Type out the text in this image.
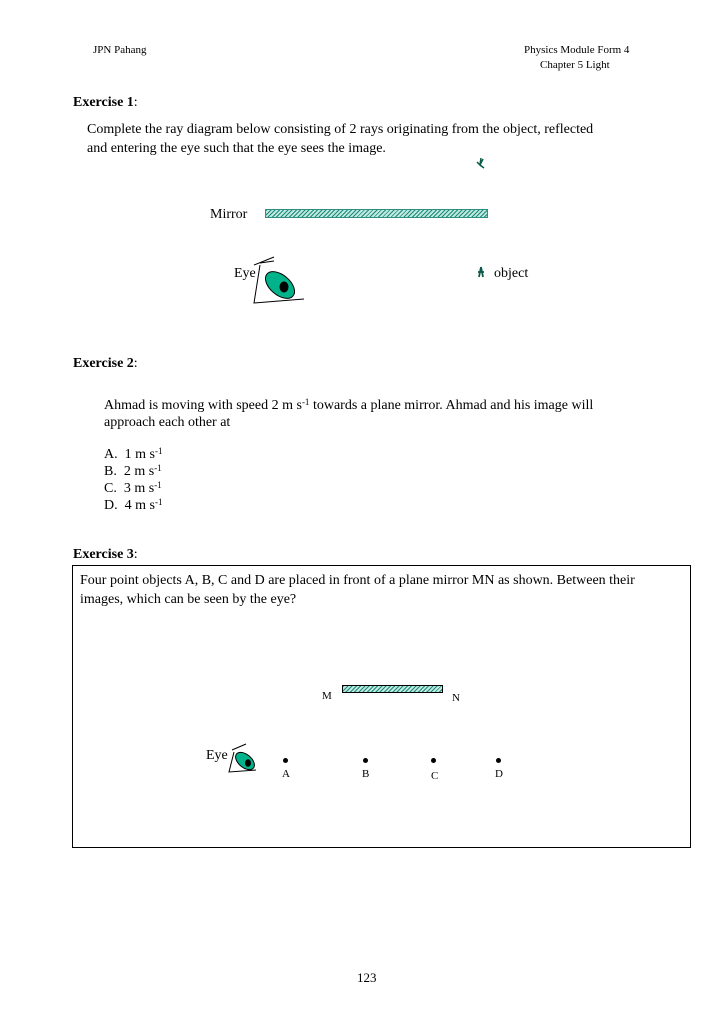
JPN Pahang	Physics Module Form 4
Chapter 5 Light
Exercise 1:
Complete the ray diagram below consisting of 2 rays originating from the object, reflected
and entering the eye such that the eye sees the image.
Mirror
Eye	object
Exercise 2:
Ahmad is moving with speed 2 m $s^{-1}$ towards a plane mirror. Ahmad and his image will
approach each other at
A. 1 m $s^{-1}$
B. 2 m $s^{-1}$
C. 3 m $s^{-1}$
D. 4 m $s^{-1}$
Exercise 3:
Four point objects A, B, C and D are placed in front of a plane mirror MN as shown. Between their
images, which can be seen by the eye?
M	N
Eye
A	B	C	D
123
